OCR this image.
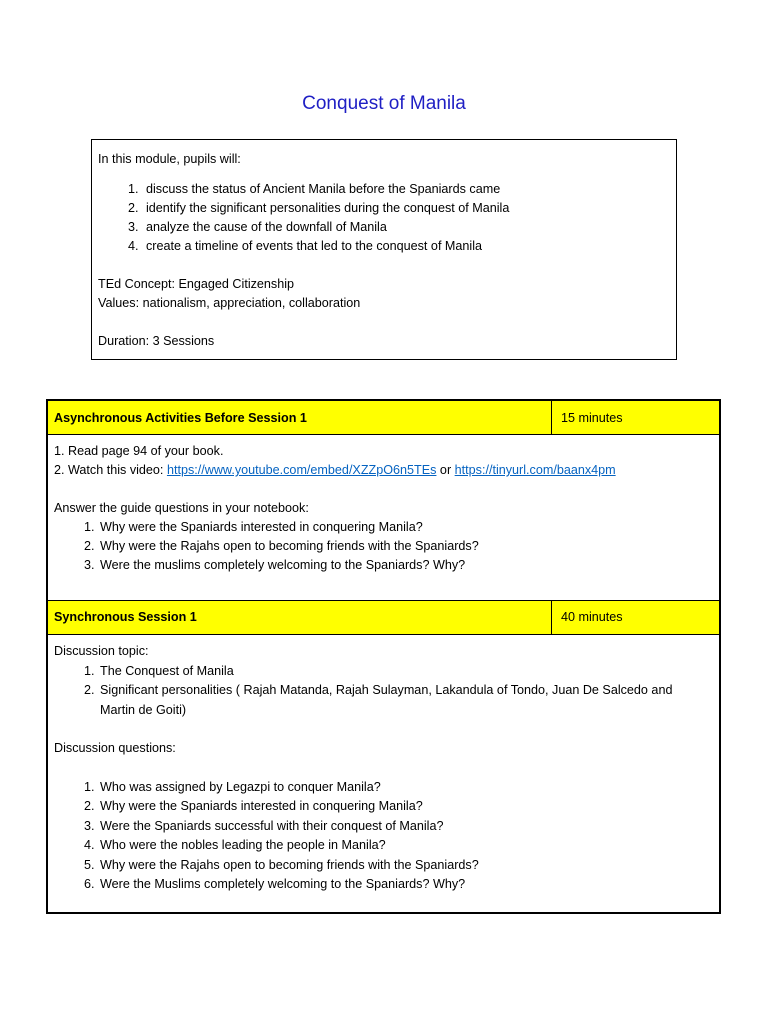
Conquest of Manila
In this module, pupils will:
1. discuss the status of Ancient Manila before the Spaniards came
2. identify the significant personalities during the conquest of Manila
3. analyze the cause of the downfall of Manila
4. create a timeline of events that led to the conquest of Manila
TEd Concept: Engaged Citizenship
Values: nationalism, appreciation, collaboration
Duration: 3 Sessions
Asynchronous Activities Before Session 1	15 minutes
1. Read page 94 of your book.
2. Watch this video: https://www.youtube.com/embed/XZZpO6n5TEs or https://tinyurl.com/baanx4pm
Answer the guide questions in your notebook:
1. Why were the Spaniards interested in conquering Manila?
2. Why were the Rajahs open to becoming friends with the Spaniards?
3. Were the muslims completely welcoming to the Spaniards? Why?
Synchronous Session 1	40 minutes
Discussion topic:
1. The Conquest of Manila
2. Significant personalities ( Rajah Matanda, Rajah Sulayman, Lakandula of Tondo, Juan De Salcedo and Martin de Goiti)
Discussion questions:
1. Who was assigned by Legazpi to conquer Manila?
2. Why were the Spaniards interested in conquering Manila?
3. Were the Spaniards successful with their conquest of Manila?
4. Who were the nobles leading the people in Manila?
5. Why were the Rajahs open to becoming friends with the Spaniards?
6. Were the Muslims completely welcoming to the Spaniards? Why?
